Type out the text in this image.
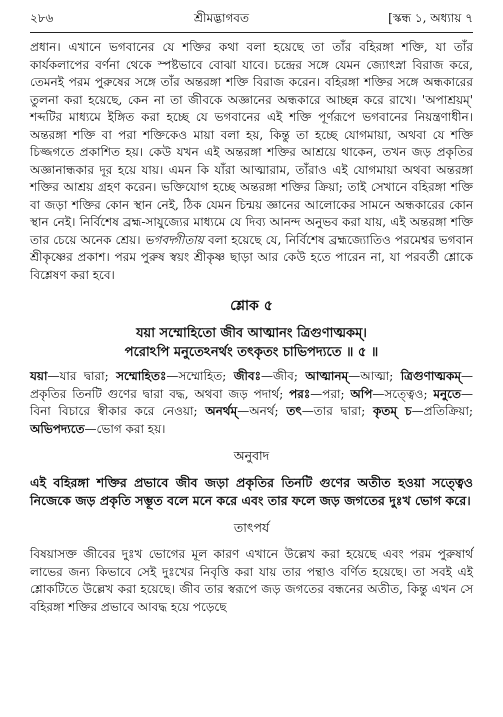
২৮৬	শ্রীমদ্ভাগবত	[স্কন্ধ ১, অধ্যায় ৭

প্রধান। এখানে ভগবানের যে শক্তির কথা বলা হয়েছে তা তাঁর বহিরঙ্গা শক্তি, যা তাঁর কার্যকলাপের বর্ণনা থেকে স্পষ্টভাবে বোঝা যাবে। চন্দ্রের সঙ্গে যেমন জ্যোৎস্না বিরাজ করে, তেমনই পরম পুরুষের সঙ্গে তাঁর অন্তরঙ্গা শক্তি বিরাজ করেন। বহিরঙ্গা শক্তির সঙ্গে অন্ধকারের তুলনা করা হয়েছে, কেন না তা জীবকে অজ্ঞানের অন্ধকারে আচ্ছন্ন করে রাখে। 'অপাশ্রয়ম্' শব্দটির মাধ্যমে ইঙ্গিত করা হচ্ছে যে ভগবানের এই শক্তি পূর্ণরূপে ভগবানের নিয়ন্ত্রণাধীন। অন্তরঙ্গা শক্তি বা পরা শক্তিকেও মায়া বলা হয়, কিন্তু তা হচ্ছে যোগমায়া, অথবা যে শক্তি চিজ্জগতে প্রকাশিত হয়। কেউ যখন এই অন্তরঙ্গা শক্তির আশ্রয়ে থাকেন, তখন জড় প্রকৃতির অজ্ঞানান্ধকার দূর হয়ে যায়। এমন কি যাঁরা আত্মারাম, তাঁরাও এই যোগমায়া অথবা অন্তরঙ্গা শক্তির আশ্রয় গ্রহণ করেন। ভক্তিযোগ হচ্ছে অন্তরঙ্গা শক্তির ক্রিয়া; তাই সেখানে বহিরঙ্গা শক্তি বা জড়া শক্তির কোন স্থান নেই, ঠিক যেমন চিন্ময় জ্ঞানের আলোকের সামনে অন্ধকারের কোন স্থান নেই। নির্বিশেষ ব্রহ্ম-সাযুজ্যের মাধ্যমে যে দিব্য আনন্দ অনুভব করা যায়, এই অন্তরঙ্গা শক্তি তার চেয়ে অনেক শ্রেয়। ভগবদ্গীতায় বলা হয়েছে যে, নির্বিশেষ ব্রহ্মজ্যোতিও পরমেশ্বর ভগবান শ্রীকৃষ্ণের প্রকাশ। পরম পুরুষ স্বয়ং শ্রীকৃষ্ণ ছাড়া আর কেউ হতে পারেন না, যা পরবর্তী শ্লোকে বিশ্লেষণ করা হবে।

শ্লোক ৫
যয়া সম্মোহিতো জীব আত্মানং ত্রিগুণাত্মকম্।
পরোঽপি মনুতেঽনর্থং তৎকৃতং চাভিপদ্যতে ॥ ৫ ॥
যয়া—যার দ্বারা; সম্মোহিতঃ—সম্মোহিত; জীবঃ—জীব; আত্মানম্—আত্মা; ত্রিগুণাত্মকম্—প্রকৃতির তিনটি গুণের দ্বারা বদ্ধ, অথবা জড় পদার্থ; পরঃ—পরা; অপি—সত্ত্বেও; মনুতে—বিনা বিচারে স্বীকার করে নেওয়া; অনর্থম্—অনর্থ; তৎ—তার দ্বারা; কৃতম্ চ—প্রতিক্রিয়া; অভিপদ্যতে—ভোগ করা হয়।
অনুবাদ
এই বহিরঙ্গা শক্তির প্রভাবে জীব জড়া প্রকৃতির তিনটি গুণের অতীত হওয়া সত্ত্বেও নিজেকে জড় প্রকৃতি সম্ভূত বলে মনে করে এবং তার ফলে জড় জগতের দুঃখ ভোগ করে।
তাৎপর্য

বিষয়াসক্ত জীবের দুঃখ ভোগের মূল কারণ এখানে উল্লেখ করা হয়েছে এবং পরম পুরুষার্থ লাভের জন্য কিভাবে সেই দুঃখের নিবৃত্তি করা যায় তার পন্থাও বর্ণিত হয়েছে। তা সবই এই শ্লোকটিতে উল্লেখ করা হয়েছে। জীব তার স্বরূপে জড় জগতের বন্ধনের অতীত, কিন্তু এখন সে বহিরঙ্গা শক্তির প্রভাবে আবদ্ধ হয়ে পড়েছে
